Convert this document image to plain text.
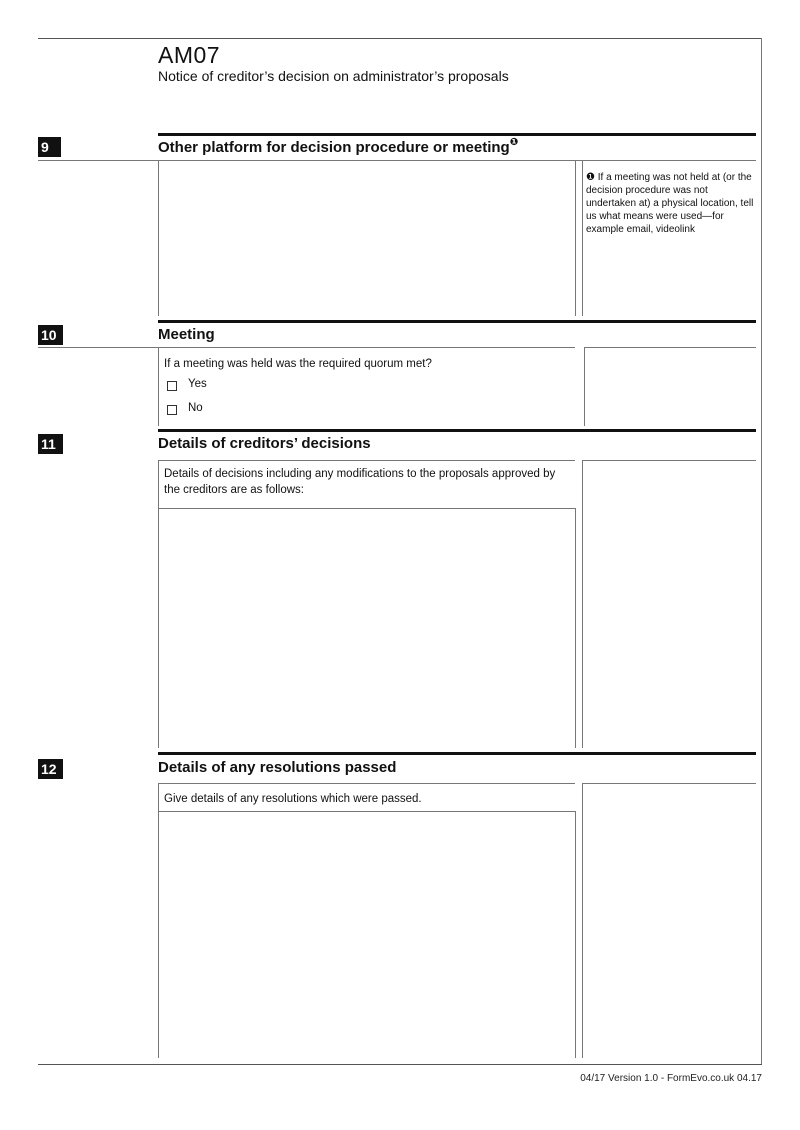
AM07
Notice of creditor’s decision on administrator’s proposals
9	Other platform for decision procedure or meeting$^❶$
❶ If a meeting was not held at (or the decision procedure was not undertaken at) a physical location, tell us what means were used—for example email, videolink
10	Meeting
If a meeting was held was the required quorum met?
Yes
No
11	Details of creditors’ decisions
Details of decisions including any modifications to the proposals approved by the creditors are as follows:
12	Details of any resolutions passed
Give details of any resolutions which were passed.
04/17 Version 1.0 - FormEvo.co.uk 04.17
